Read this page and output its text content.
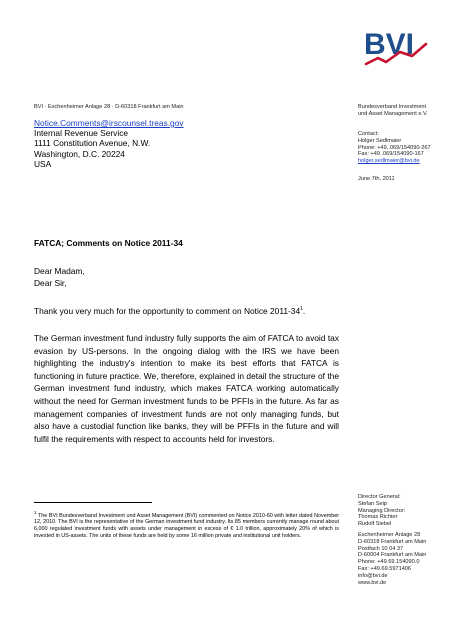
BVI
BVI · Eschenheimer Anlage 28 · D-60318 Frankfurt am Main
Notice.Comments@irscounsel.treas.gov
Internal Revenue Service
1111 Constitution Avenue, N.W.
Washington, D.C. 20224
USA
Bundesverband Investment
und Asset Management e.V.
Contact:
Holger Sedlmaier
Phone: +49..069/154090-267
Fax: +49..069/154090-167
holger.sedlmaier@bvi.de
June 7th, 2011
FATCA; Comments on Notice 2011-34
Dear Madam,
Dear Sir,
Thank you very much for the opportunity to comment on Notice $2011-34^1$.
The German investment fund industry fully supports the aim of FATCA to avoid tax evasion by US-persons. In the ongoing dialog with the IRS we have been highlighting the industry's intention to make its best efforts that FATCA is functioning in future practice. We, therefore, explained in detail the structure of the German investment fund industry, which makes FATCA working automatically without the need for German investment funds to be PFFIs in the future. As far as management companies of investment funds are not only managing funds, but also have a custodial function like banks, they will be PFFIs in the future and will fulfil the requirements with respect to accounts held for investors.
$^1$ The BVI Bundesverband Investment und Asset Management (BVI) commented on Notice 2010-60 with letter dated November 12, 2010. The BVI is the representative of the German investment fund industry. Its 85 members currently manage round about 6,000 regulated investment funds with assets under management in excess of € 1.0 trillion, approximately 20% of which is invested in US-assets. The units of these funds are held by some 16 million private and institutional unit holders.
Director General:
Stefan Seip
Managing Director:
Thomas Richter
Rudolf Siebel
Eschenheimer Anlage 28
D-60318 Frankfurt am Main
Postfach 10 04 37
D-60004 Frankfurt am Main
Phone: +49.69.154090.0
Fax: +49.69.5971406
info@bvi.de
www.bvi.de
